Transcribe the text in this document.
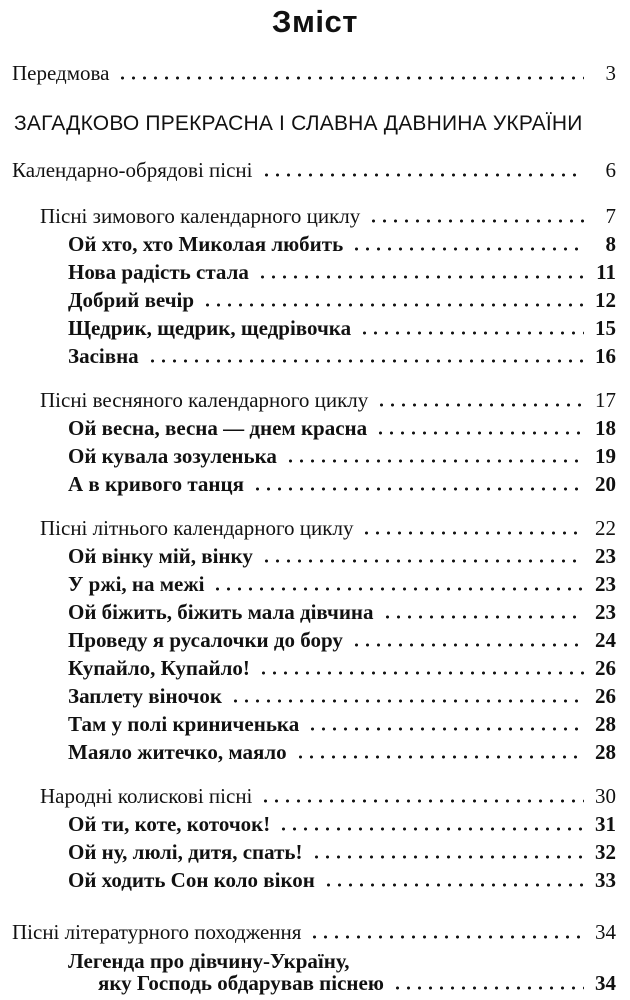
Зміст
Передмова	3
ЗАГАДКОВО ПРЕКРАСНА І СЛАВНА ДАВНИНА УКРАЇНИ
Календарно-обрядові пісні	6
Пісні зимового календарного циклу	7
Ой хто, хто Миколая любить	8
Нова радість стала	11
Добрий вечір	12
Щедрик, щедрик, щедрівочка	15
Засівна	16
Пісні весняного календарного циклу	17
Ой весна, весна — днем красна	18
Ой кувала зозуленька	19
А в кривого танця	20
Пісні літнього календарного циклу	22
Ой вінку мій, вінку	23
У ржі, на межі	23
Ой біжить, біжить мала дівчина	23
Проведу я русалочки до бору	24
Купайло, Купайло!	26
Заплету віночок	26
Там у полі криниченька	28
Маяло житечко, маяло	28
Народні колискові пісні	30
Ой ти, коте, коточок!	31
Ой ну, люлі, дитя, спать!	32
Ой ходить Сон коло вікон	33
Пісні літературного походження	34
Легенда про дівчину-Україну,
яку Господь обдарував піснею	34
